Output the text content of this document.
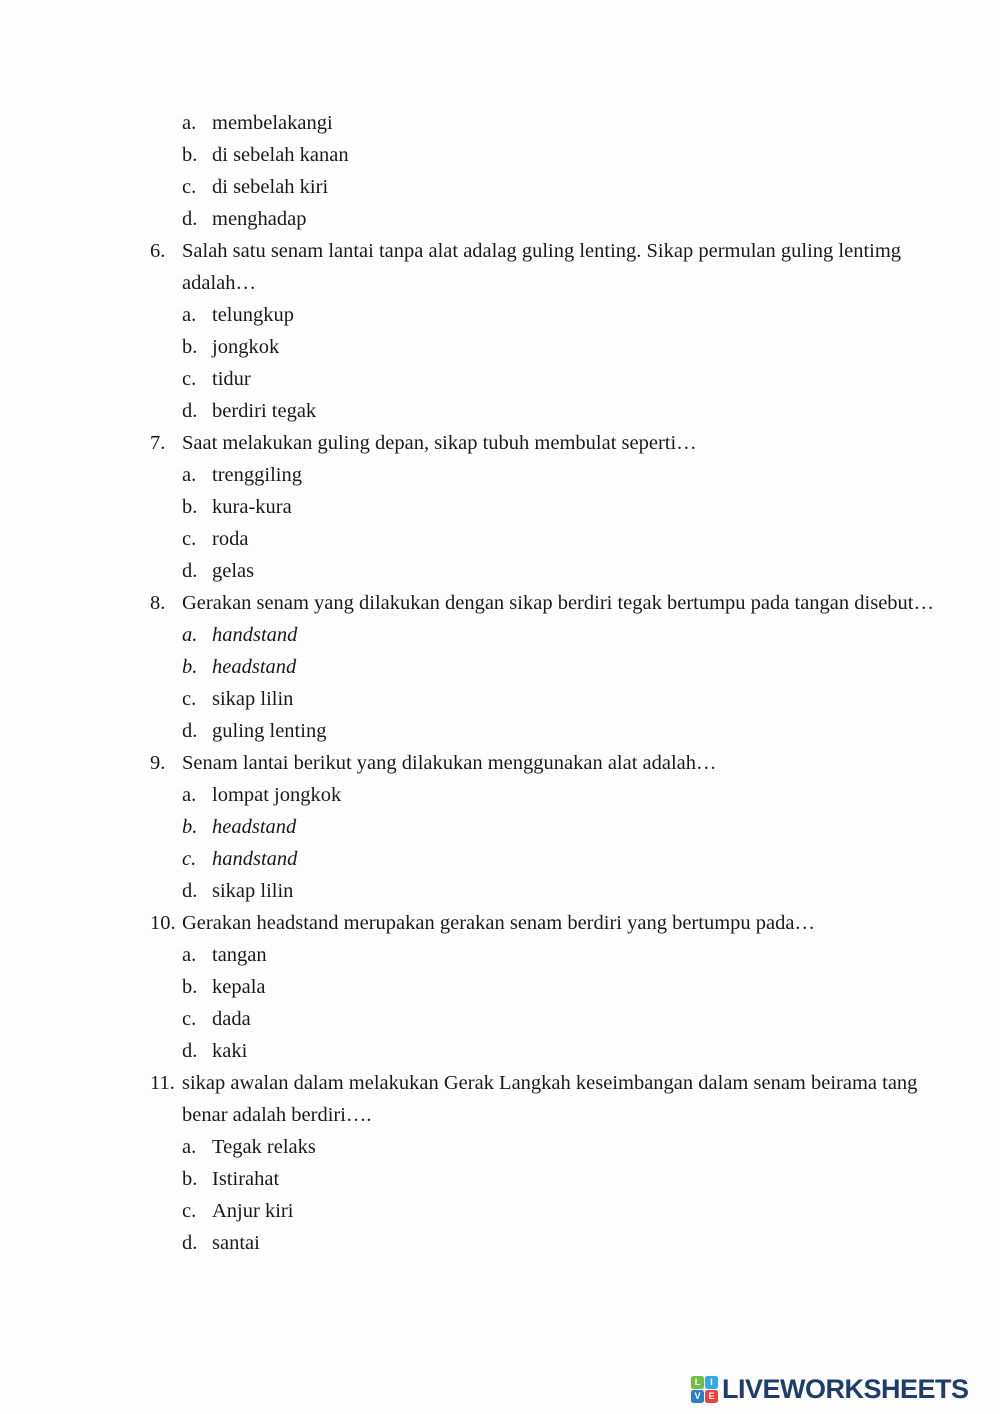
a. membelakangi
b. di sebelah kanan
c. di sebelah kiri
d. menghadap
6. Salah satu senam lantai tanpa alat adalag guling lenting. Sikap permulan guling lentimg
adalah…
a. telungkup
b. jongkok
c. tidur
d. berdiri tegak
7. Saat melakukan guling depan, sikap tubuh membulat seperti…
a. trenggiling
b. kura-kura
c. roda
d. gelas
8. Gerakan senam yang dilakukan dengan sikap berdiri tegak bertumpu pada tangan disebut…
a. handstand
b. headstand
c. sikap lilin
d. guling lenting
9. Senam lantai berikut yang dilakukan menggunakan alat adalah…
a. lompat jongkok
b. headstand
c. handstand
d. sikap lilin
10. Gerakan headstand merupakan gerakan senam berdiri yang bertumpu pada…
a. tangan
b. kepala
c. dada
d. kaki
11. sikap awalan dalam melakukan Gerak Langkah keseimbangan dalam senam beirama tang
benar adalah berdiri….
a. Tegak relaks
b. Istirahat
c. Anjur kiri
d. santai
L	I
V E LIVEWORKSHEETS
